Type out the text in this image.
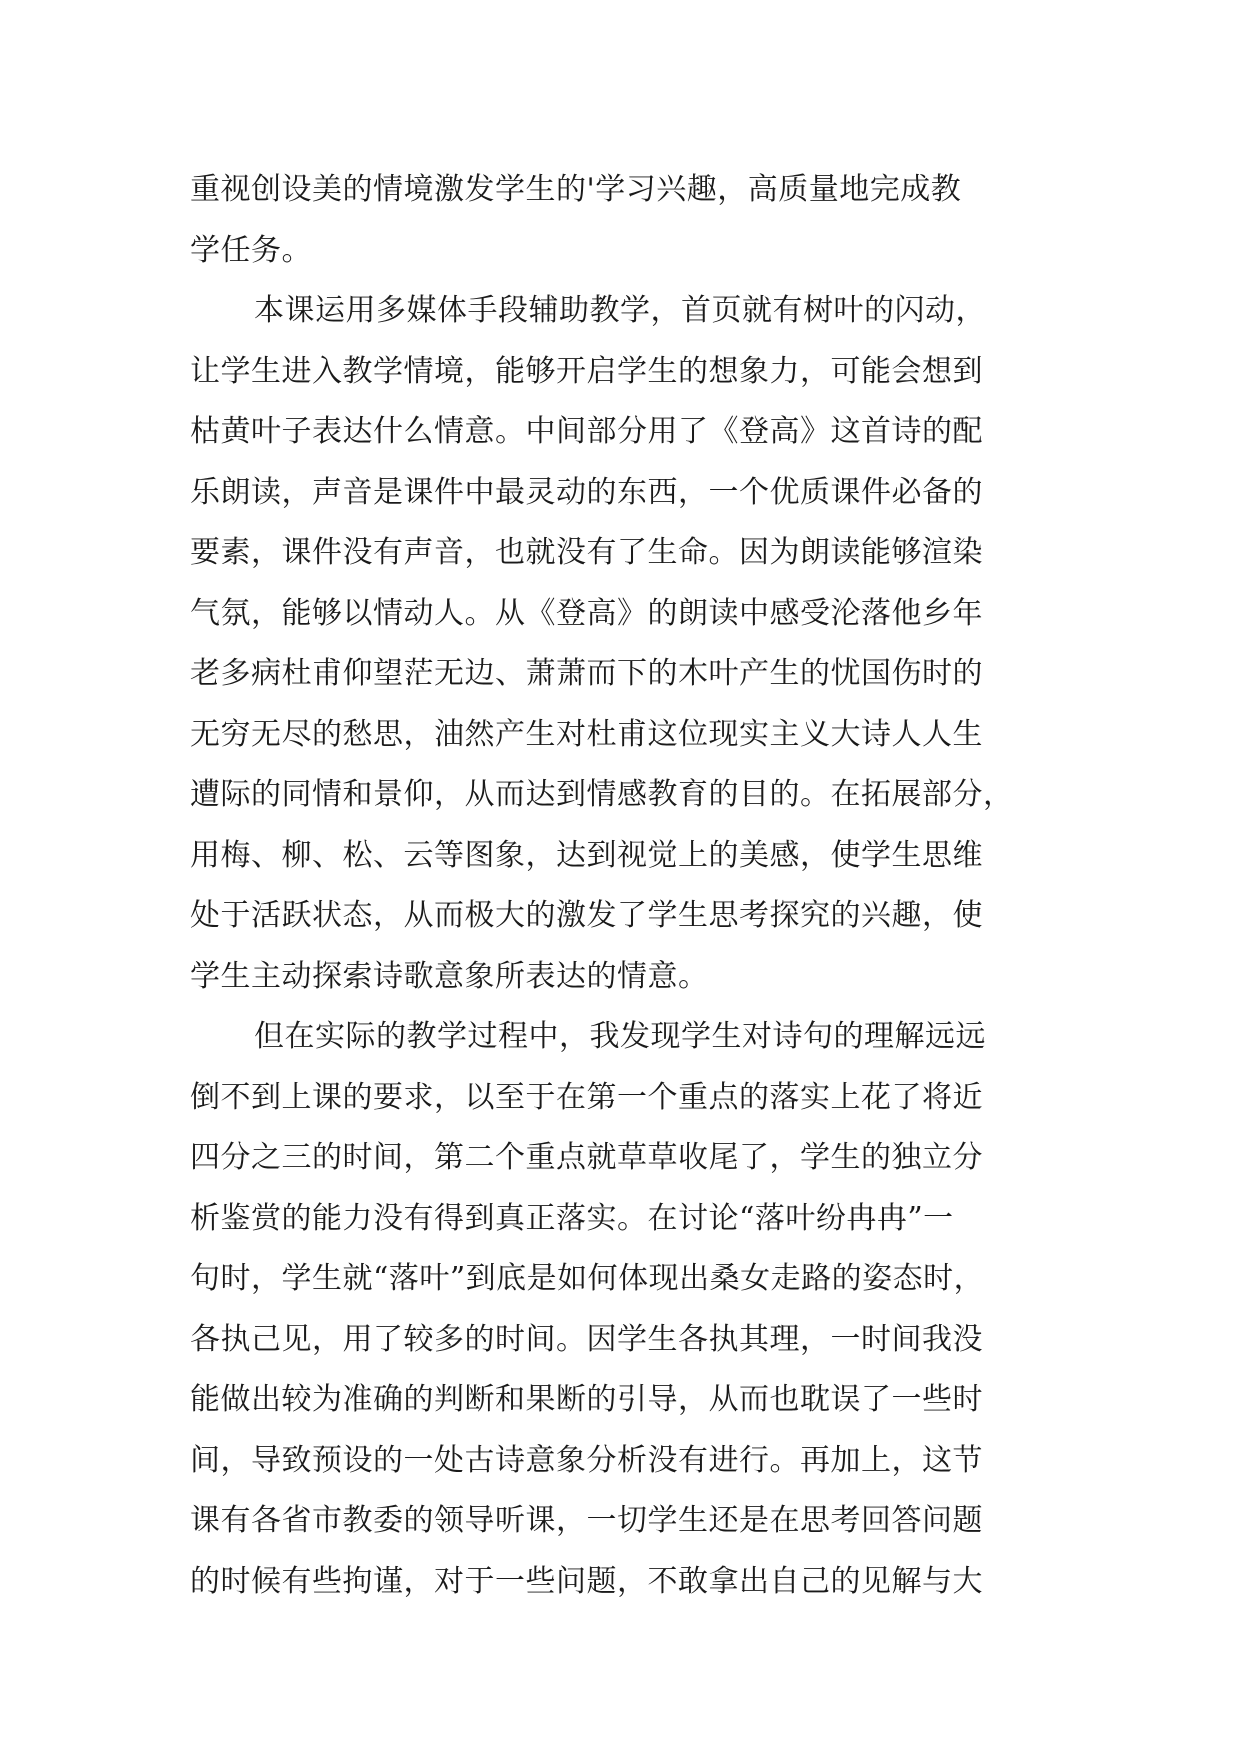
重视创设美的情境激发学生的'学习兴趣，高质量地完成教
学任务。
本课运用多媒体手段辅助教学，首页就有树叶的闪动，
让学生进入教学情境，能够开启学生的想象力，可能会想到
枯黄叶子表达什么情意。中间部分用了《登高》这首诗的配
乐朗读，声音是课件中最灵动的东西，一个优质课件必备的
要素，课件没有声音，也就没有了生命。因为朗读能够渲染
气氛，能够以情动人。从《登高》的朗读中感受沦落他乡年
老多病杜甫仰望茫无边、萧萧而下的木叶产生的忧国伤时的
无穷无尽的愁思，油然产生对杜甫这位现实主义大诗人人生
遭际的同情和景仰，从而达到情感教育的目的。在拓展部分，
用梅、柳、松、云等图象，达到视觉上的美感，使学生思维
处于活跃状态，从而极大的激发了学生思考探究的兴趣，使
学生主动探索诗歌意象所表达的情意。
但在实际的教学过程中，我发现学生对诗句的理解远远
倒不到上课的要求，以至于在第一个重点的落实上花了将近
四分之三的时间，第二个重点就草草收尾了，学生的独立分
析鉴赏的能力没有得到真正落实。在讨论“落叶纷冉冉”一
句时，学生就“落叶”到底是如何体现出桑女走路的姿态时，
各执己见，用了较多的时间。因学生各执其理，一时间我没
能做出较为准确的判断和果断的引导，从而也耽误了一些时
间，导致预设的一处古诗意象分析没有进行。再加上，这节
课有各省市教委的领导听课，一切学生还是在思考回答问题
的时候有些拘谨，对于一些问题，不敢拿出自己的见解与大
